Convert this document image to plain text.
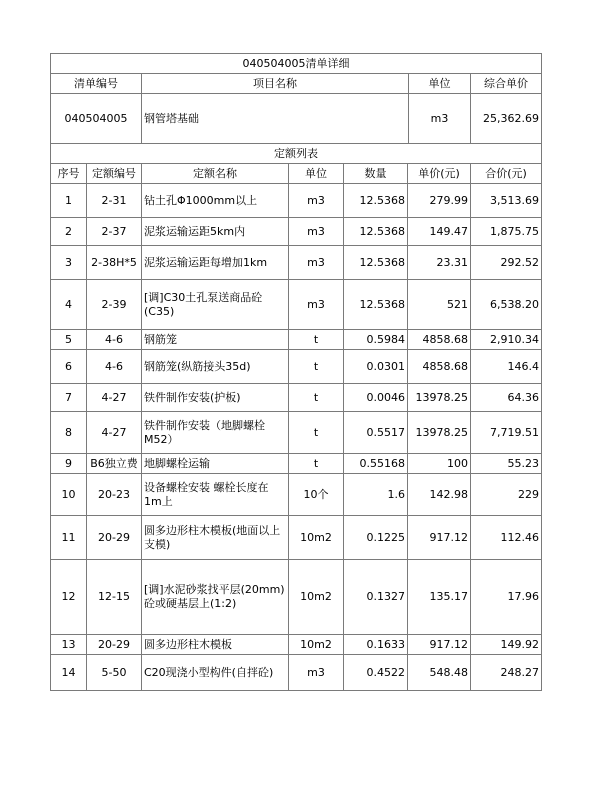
040504005清单详细			
清单编号	项目名称	单位	综合单价
040504005	钢管塔基础	m3	25,362.69
定额列表						
序号	定额编号	定额名称	单位	数量	单价(元)	合价(元)
1	2-31	钻土孔Φ1000mm以上	m3	12.5368	279.99	3,513.69
2	2-37	泥浆运输运距5km内	m3	12.5368	149.47	1,875.75
3	2-38H*5	泥浆运输运距每增加1km	m3	12.5368	23.31	292.52
4	2-39	[调]C30土孔泵送商品砼(C35)	m3	12.5368	521	6,538.20
5	4-6	钢筋笼	t	0.5984	4858.68	2,910.34
6	4-6	钢筋笼(纵筋接头35d)	t	0.0301	4858.68	146.4
7	4-27	铁件制作安装(护板)	t	0.0046	13978.25	64.36
8	4-27	铁件制作安装（地脚螺栓M52）	t	0.5517	13978.25	7,719.51
9	B6独立费	地脚螺栓运输	t	0.55168	100	55.23
10	20-23	设备螺栓安装 螺栓长度在1m上	10个	1.6	142.98	229
11	20-29	圆多边形柱木模板(地面以上支模)	10m2	0.1225	917.12	112.46
12	12-15	[调]水泥砂浆找平层(20mm)砼或硬基层上(1:2)	10m2	0.1327	135.17	17.96
13	20-29	圆多边形柱木模板	10m2	0.1633	917.12	149.92
14	5-50	C20现浇小型构件(自拌砼)	m3	0.4522	548.48	248.27
